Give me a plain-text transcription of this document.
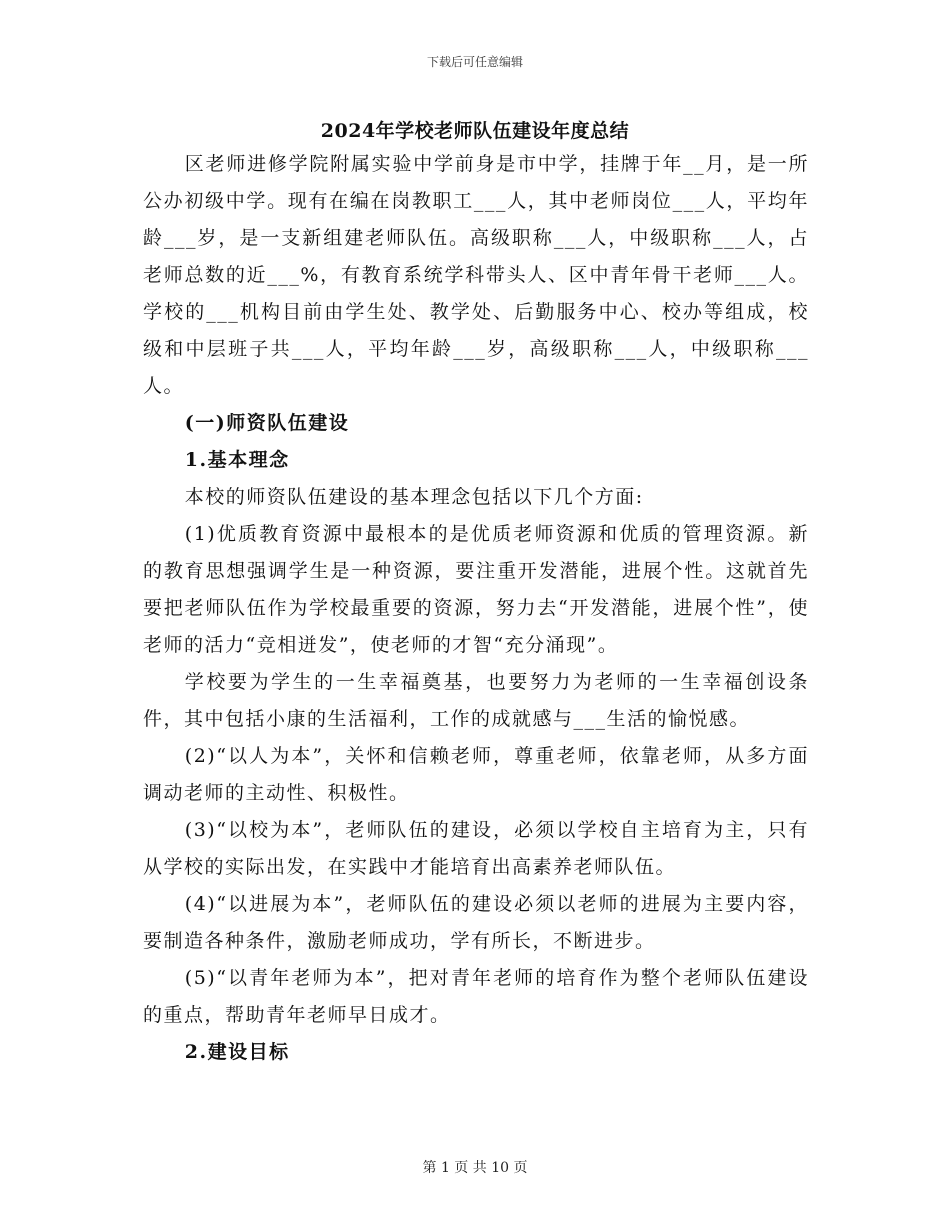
下载后可任意编辑
2024年学校老师队伍建设年度总结

区老师进修学院附属实验中学前身是市中学，挂牌于年__月，是一所公办初级中学。现有在编在岗教职工___人，其中老师岗位___人，平均年龄___岁，是一支新组建老师队伍。高级职称___人，中级职称___人，占老师总数的近___%，有教育系统学科带头人、区中青年骨干老师___人。学校的___机构目前由学生处、教学处、后勤服务中心、校办等组成，校级和中层班子共___人，平均年龄___岁，高级职称___人，中级职称___人。

(一)师资队伍建设

1.基本理念

本校的师资队伍建设的基本理念包括以下几个方面:

(1)优质教育资源中最根本的是优质老师资源和优质的管理资源。新的教育思想强调学生是一种资源，要注重开发潜能，进展个性。这就首先要把老师队伍作为学校最重要的资源，努力去“开发潜能，进展个性”，使老师的活力“竞相迸发”，使老师的才智“充分涌现”。

学校要为学生的一生幸福奠基，也要努力为老师的一生幸福创设条件，其中包括小康的生活福利，工作的成就感与___生活的愉悦感。

(2)“以人为本”，关怀和信赖老师，尊重老师，依靠老师，从多方面调动老师的主动性、积极性。

(3)“以校为本”，老师队伍的建设，必须以学校自主培育为主，只有从学校的实际出发，在实践中才能培育出高素养老师队伍。

(4)“以进展为本”，老师队伍的建设必须以老师的进展为主要内容，要制造各种条件，激励老师成功，学有所长，不断进步。

(5)“以青年老师为本”，把对青年老师的培育作为整个老师队伍建设的重点，帮助青年老师早日成才。

2.建设目标

第 1 页 共 10 页
